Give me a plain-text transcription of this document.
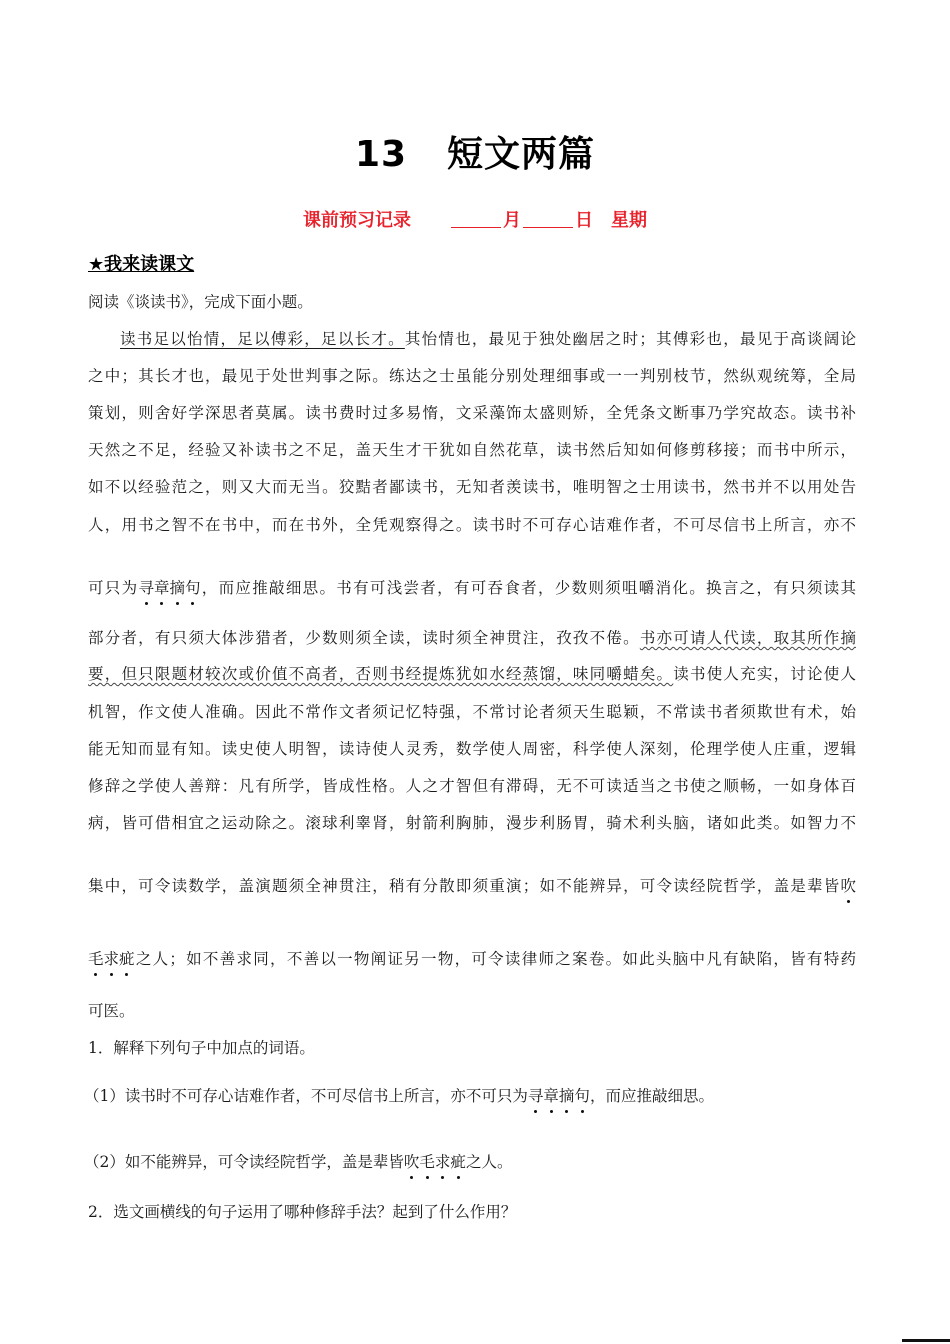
13 短文两篇
课前预习记录	月	日 星期
★我来读课文
阅读《谈读书》，完成下面小题。
读书足以怡情，足以傅彩，足以长才。其怡情也，最见于独处幽居之时；其傅彩也，最见于高谈阔论
之中；其长才也，最见于处世判事之际。练达之士虽能分别处理细事或一一判别枝节，然纵观统筹，全局
策划，则舍好学深思者莫属。读书费时过多易惰，文采藻饰太盛则矫，全凭条文断事乃学究故态。读书补
天然之不足，经验又补读书之不足，盖天生才干犹如自然花草，读书然后知如何修剪移接；而书中所示，
如不以经验范之，则又大而无当。狡黠者鄙读书，无知者羡读书，唯明智之士用读书，然书并不以用处告
人，用书之智不在书中，而在书外，全凭观察得之。读书时不可存心诘难作者，不可尽信书上所言，亦不
可只为寻章摘句，而应推敲细思。书有可浅尝者，有可吞食者，少数则须咀嚼消化。换言之，有只须读其
部分者，有只须大体涉猎者，少数则须全读，读时须全神贯注，孜孜不倦。书亦可请人代读，取其所作摘
要，但只限题材较次或价值不高者，否则书经提炼犹如水经蒸馏，味同嚼蜡矣。读书使人充实，讨论使人
机智，作文使人准确。因此不常作文者须记忆特强，不常讨论者须天生聪颖，不常读书者须欺世有术，始
能无知而显有知。读史使人明智，读诗使人灵秀，数学使人周密，科学使人深刻，伦理学使人庄重，逻辑
修辞之学使人善辩：凡有所学，皆成性格。人之才智但有滞碍，无不可读适当之书使之顺畅，一如身体百
病，皆可借相宜之运动除之。滚球利睾肾，射箭利胸肺，漫步利肠胃，骑术利头脑，诸如此类。如智力不
集中，可令读数学，盖演题须全神贯注，稍有分散即须重演；如不能辨异，可令读经院哲学，盖是辈皆吹
毛求疵之人；如不善求同，不善以一物阐证另一物，可令读律师之案卷。如此头脑中凡有缺陷，皆有特药
可医。
1．解释下列句子中加点的词语。
（1）读书时不可存心诘难作者，不可尽信书上所言，亦不可只为寻章摘句，而应推敲细思。
（2）如不能辨异，可令读经院哲学，盖是辈皆吹毛求疵之人。
2．选文画横线的句子运用了哪种修辞手法？起到了什么作用？
